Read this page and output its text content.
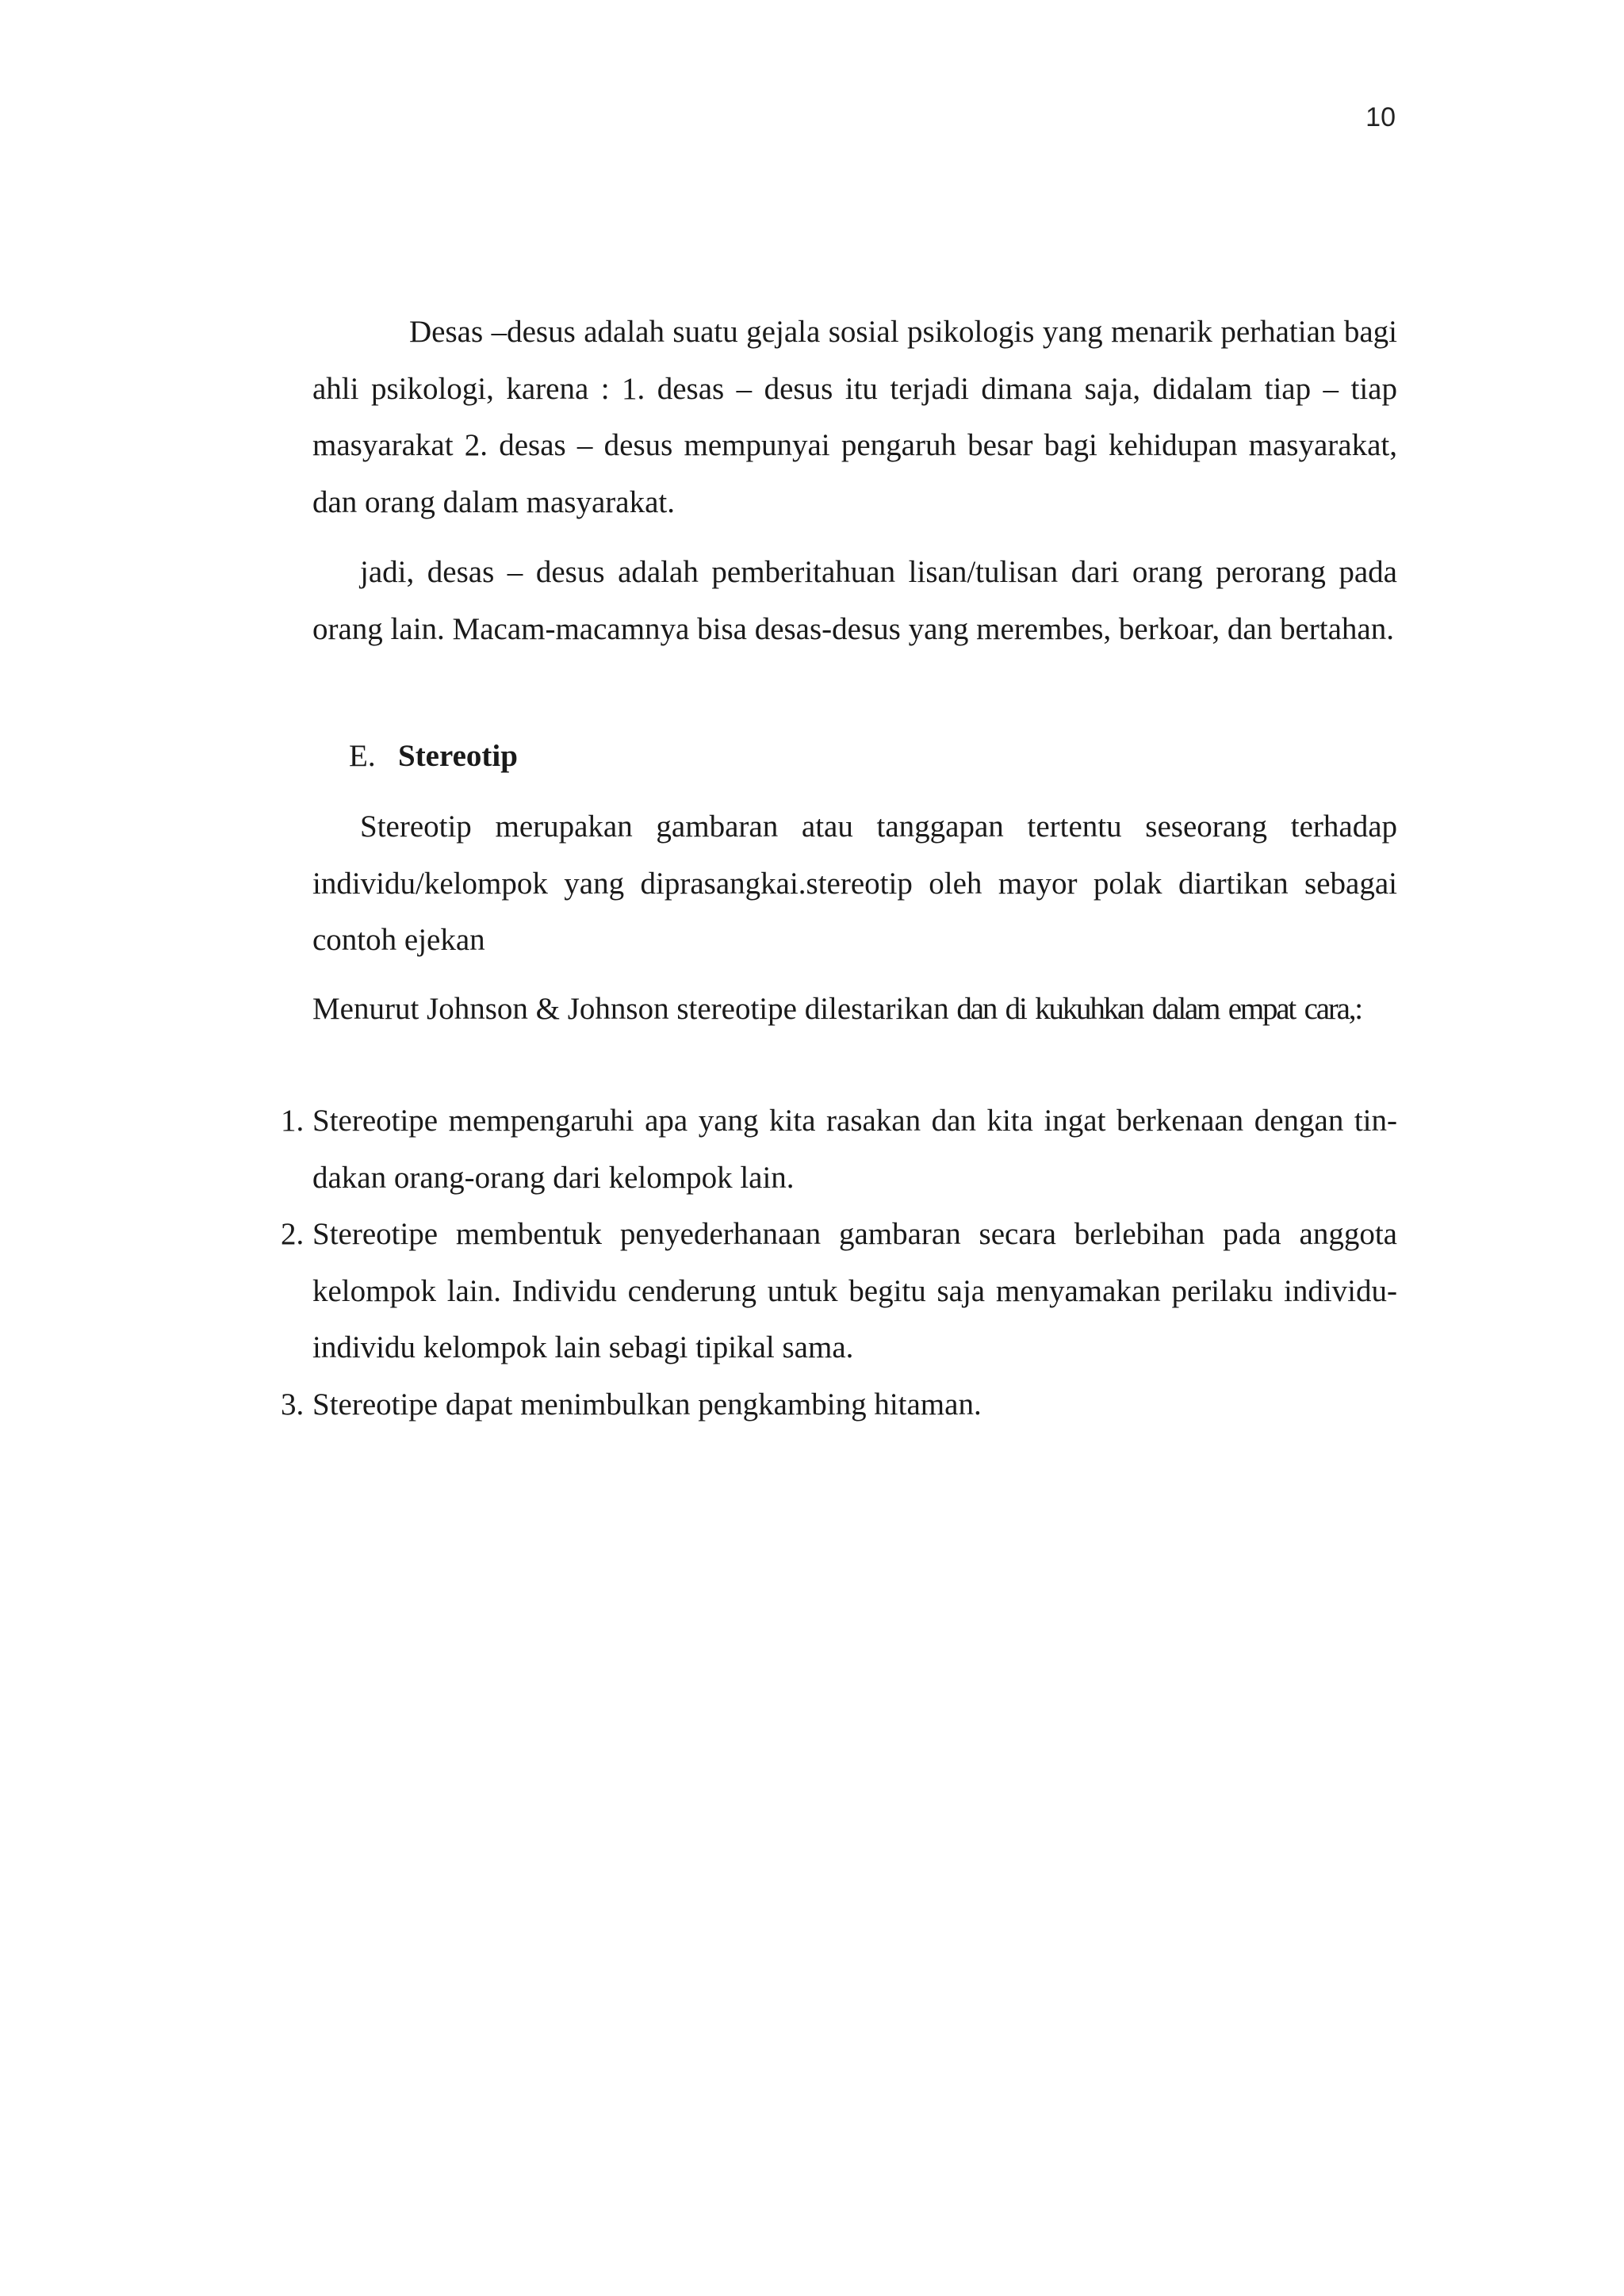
10

Desas –desus adalah suatu gejala sosial psikologis yang menarik perhatian bagi ahli psikologi, karena : 1. desas – desus itu terjadi dimana saja, didalam tiap – tiap masyarakat 2. desas – desus mempunyai pengaruh besar bagi kehidupan masyarakat, dan orang dalam masyarakat.

jadi, desas – desus adalah pemberitahuan lisan/tulisan dari orang perorang pada orang lain. Macam-macamnya bisa desas-desus yang merembes, berkoar, dan bertahan.

E. Stereotip

Stereotip merupakan gambaran atau tanggapan tertentu seseorang terhadap individu/kelompok yang diprasangkai.stereotip oleh mayor polak diartikan sebagai contoh ejekan

Menurut Johnson & Johnson stereotipe dilestarikan dan di kukuhkan dalam empat cara,:

1. Stereotipe mempengaruhi apa yang kita rasakan dan kita ingat berkenaan dengan tin-dakan orang-orang dari kelompok lain.
2. Stereotipe membentuk penyederhanaan gambaran secara berlebihan pada anggota kelompok lain. Individu cenderung untuk begitu saja menyamakan perilaku individu-individu kelompok lain sebagi tipikal sama.
3. Stereotipe dapat menimbulkan pengkambing hitaman.
